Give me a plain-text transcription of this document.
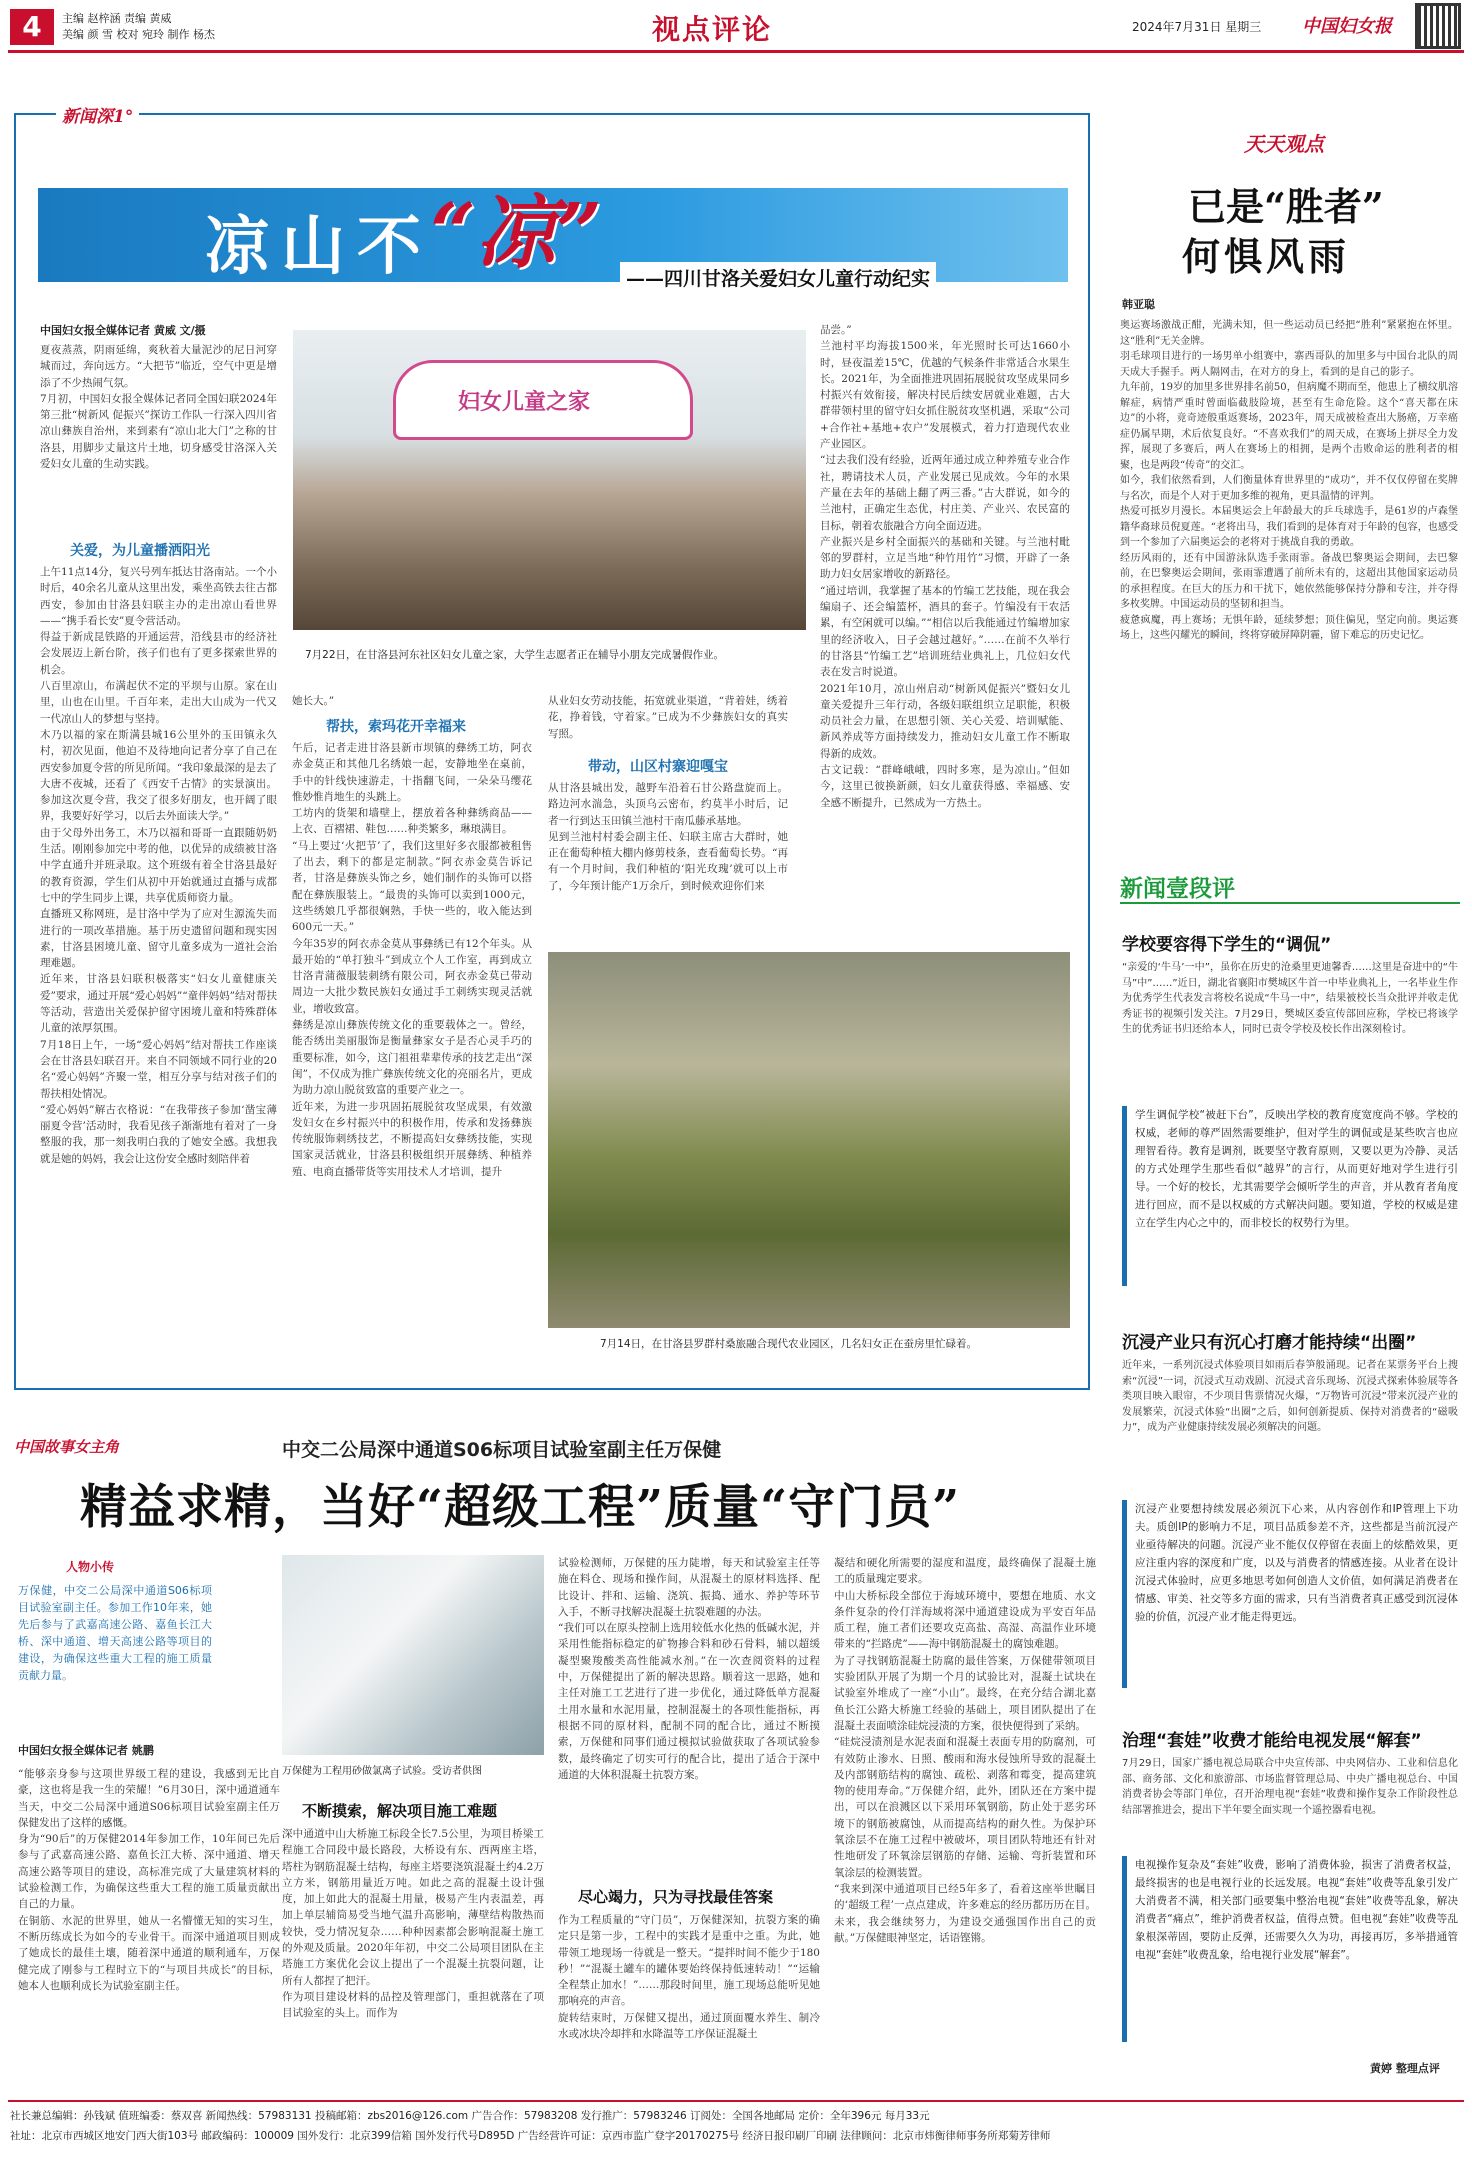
4	主编 赵梓涵 责编 黄威
美编 颜 雪 校对 宛玲 制作 杨杰	视点评论	2024年7月31日 星期三 中国妇女报
新闻深1°
凉山不
“凉”	——四川甘洛关爱妇女儿童行动纪实
中国妇女报全媒体记者 黄威 文/摄
夏夜蒸蒸，阴雨延绵，爽秋着大量泥沙的尼日河穿城而过，奔向远方。“大把节”临近，空气中更是增添了不少热闹气氛。
7月初，中国妇女报全媒体记者同全国妇联2024年第三批“树新风 促振兴”探访工作队一行深入四川省凉山彝族自治州，来到素有“凉山北大门”之称的甘洛县，用脚步丈量这片土地，切身感受甘洛深入关爱妇女儿童的生动实践。
关爱，为儿童播洒阳光
上午11点14分，复兴号列车抵达甘洛南站。一个小时后，40余名儿童从这里出发，乘坐高铁去往古都西安，参加由甘洛县妇联主办的走出凉山看世界——“携手看长安”夏令营活动。
得益于新成昆铁路的开通运营，沿线县市的经济社会发展迈上新台阶，孩子们也有了更多探索世界的机会。
八百里凉山，布满起伏不定的平坝与山原。家在山里，山也在山里。千百年来，走出大山成为一代又一代凉山人的梦想与坚持。
木乃以福的家在斯满县城16公里外的玉田镇永久村，初次见面，他迫不及待地向记者分享了自己在西安参加夏令营的所见所闻。“我印象最深的是去了大唐不夜城，还看了《西安千古情》的实景演出。参加这次夏令营，我交了很多好朋友，也开阔了眼界，我要好好学习，以后去外面读大学。”
由于父母外出务工，木乃以福和哥哥一直跟随奶奶生活。刚刚参加完中考的他，以优异的成绩被甘洛中学直通升并班录取。这个班级有着全甘洛县最好的教育资源，学生们从初中开始就通过直播与成都七中的学生同步上课，共享优质师资力量。
直播班又称网班，是甘洛中学为了应对生源流失而进行的一项改革措施。基于历史遗留问题和现实因素，甘洛县困境儿童、留守儿童多成为一道社会治理难题。
近年来，甘洛县妇联积极落实“妇女儿童健康关爱”要求，通过开展“爱心妈妈”“童伴妈妈”结对帮扶等活动，营造出关爱保护留守困境儿童和特殊群体儿童的浓厚氛围。
7月18日上午，一场“爱心妈妈”结对帮扶工作座谈会在甘洛县妇联召开。来自不同领域不同行业的20名“爱心妈妈”齐聚一堂，相互分享与结对孩子们的帮扶相处情况。
“爱心妈妈”解古衣格说：“在我带孩子参加‘凿宝薄丽夏令营’活动时，我看见孩子渐渐地有着对了一身整服的我，那一刻我明白我的了她安全感。我想我就是她的妈妈，我会让这份安全感时刻陪伴着
妇女儿童之家
7月22日，在甘洛县河东社区妇女儿童之家，大学生志愿者正在辅导小朋友完成暑假作业。
她长大。”
帮扶，索玛花开幸福来
午后，记者走进甘洛县新市坝镇的彝绣工坊，阿衣赤金莫正和其他几名绣娘一起，安静地坐在桌前，手中的针线快速游走，十指翻飞间，一朵朵马缨花惟妙惟肖地生的头跳上。
工坊内的货架和墙壁上，摆放着各种彝绣商品——上衣、百褶裙、鞋包……种类繁多，琳琅满目。
“马上要过‘火把节’了，我们这里好多衣服都被租售了出去，剩下的都是定制款。”阿衣赤金莫告诉记者，甘洛是彝族头饰之乡，她们制作的头饰可以搭配在彝族服装上。“最贵的头饰可以卖到1000元，这些绣娘几乎都很娴熟，手快一些的，收入能达到600元一天。”
今年35岁的阿衣赤金莫从事彝绣已有12个年头。从最开始的“单打独斗”到成立个人工作室，再到成立甘洛青蒲薇服装刺绣有限公司，阿衣赤金莫已带动周边一大批少数民族妇女通过手工刺绣实现灵活就业，增收致富。
彝绣是凉山彝族传统文化的重要载体之一。曾经，能否绣出美丽服饰是衡量彝家女子是否心灵手巧的重要标准，如今，这门祖祖辈辈传承的技艺走出“深闺”，不仅成为推广彝族传统文化的亮丽名片，更成为助力凉山脱贫致富的重要产业之一。
近年来，为进一步巩固拓展脱贫攻坚成果，有效激发妇女在乡村振兴中的积极作用，传承和发扬彝族传统服饰刺绣技艺，不断提高妇女彝绣技能，实现国家灵活就业，甘洛县积极组织开展彝绣、种植养殖、电商直播带货等实用技术人才培训，提升
从业妇女劳动技能，拓宽就业渠道，“背着娃，绣着花，挣着钱，守着家。”已成为不少彝族妇女的真实写照。
带动，山区村寨迎嘎宝
从甘洛县城出发，越野车沿着石甘公路盘旋而上。路边河水湍急，头顶乌云密布，约莫半小时后，记者一行到达玉田镇兰池村干南瓜藤承基地。
见到兰池村村委会副主任、妇联主席古大群时，她正在葡萄种植大棚内修剪枝条，查看葡萄长势。“再有一个月时间，我们种植的‘阳光玫瑰’就可以上市了，今年预计能产1万余斤，到时候欢迎你们来
品尝。”
兰池村平均海拔1500米，年光照时长可达1660小时，昼夜温差15℃，优越的气候条件非常适合水果生长。2021年，为全面推进巩固拓展脱贫攻坚成果同乡村振兴有效衔接，解决村民后续安居就业难题，古大群带领村里的留守妇女抓住脱贫攻坚机遇，采取“公司+合作社+基地+农户”发展模式，着力打造现代农业产业园区。
“过去我们没有经验，近两年通过成立种养殖专业合作社，聘请技术人员，产业发展已见成效。今年的水果产量在去年的基础上翻了两三番。”古大群说，如今的兰池村，正确定生态优，村庄美、产业兴、农民富的目标，朝着农旅融合方向全面迈进。
产业振兴是乡村全面振兴的基础和关键。与兰池村毗邻的罗群村，立足当地“种竹用竹”习惯，开辟了一条助力妇女居家增收的新路径。
“通过培训，我掌握了基本的竹编工艺技能，现在我会编扇子、还会编篮杯，酒具的套子。竹编没有干农活累，有空闲就可以编。”“相信以后我能通过竹编增加家里的经济收入，日子会越过越好。”……在前不久举行的甘洛县“竹编工艺”培训班结业典礼上，几位妇女代表在发言时说道。
2021年10月，凉山州启动“树新风促振兴”暨妇女儿童关爱提升三年行动，各级妇联组织立足职能，积极动员社会力量，在思想引领、关心关爱、培训赋能、新风养成等方面持续发力，推动妇女儿童工作不断取得新的成效。
古文记载：“群峰峨峨，四时多寒，是为凉山。”但如今，这里已彼换新颜，妇女儿童获得感、幸福感、安全感不断提升，已然成为一方热土。
7月14日，在甘洛县罗群村桑旅融合现代农业园区，几名妇女正在蚕房里忙碌着。
天天观点
已是“胜者”
何惧风雨
韩亚聪
奥运赛场激战正酣，光满未知，但一些运动员已经把“胜利”紧紧抱在怀里。这“胜利”无关金牌。
羽毛球项目进行的一场男单小组赛中，寨西哥队的加里多与中国台北队的周天成大手握手。两人隔网击，在对方的身上，看到的是自己的影子。
九年前，19岁的加里多世界排名前50，但病魔不期而至，他患上了横纹肌溶解症，病情严重时曾面临截肢险境，甚至有生命危险。这个“喜天都在床边”的小将，竟奇迹般重返赛场，2023年，周天成被检查出大肠癌，万幸癌症仍属早期，术后依复良好。“不喜欢我们”的周天成，在赛场上拼尽全力发挥，展现了多赛后，两人在赛场上的相拥，是两个击败命运的胜利者的相聚，也是两段“传奇”的交汇。
如今，我们依然看到，人们衡量体育世界里的“成功”，并不仅仅停留在奖牌与名次，而是个人对于更加多维的视角，更具温情的评判。
热爱可抵岁月漫长。本届奥运会上年龄最大的乒乓球选手，是61岁的卢森堡籍华裔球员倪夏莲。“老将出马，我们看到的是体育对于年龄的包容，也感受到一个参加了六届奥运会的老将对于挑战自我的勇敢。
经历风雨的，还有中国游泳队选手张雨霏。备战巴黎奥运会期间，去巴黎前，在巴黎奥运会期间，张雨霏遭遇了前所未有的，这超出其他国家运动员的承担程度。在巨大的压力和干扰下，她依然能够保持分静和专注，并夺得多枚奖牌。中国运动员的坚韧和担当。
疲惫疯魔，再上赛场；无惧年龄，延续梦想；顶住偏见，坚定向前。奥运赛场上，这些闪耀光的瞬间，终将穿破屏障阴霾，留下难忘的历史记忆。
新闻壹段评
学校要容得下学生的“调侃”
“亲爱的‘牛马’一中”，虽你在历史的沧桑里更迪馨香……这里是奋进中的“牛马”中”……”近日，湖北省襄阳市樊城区牛首一中毕业典礼上，一名毕业生作为优秀学生代表发言将校名说成“牛马一中”，结果被校长当众批评并收走优秀证书的视频引发关注。7月29日，樊城区委宣传部回应称，学校已将该学生的优秀证书归还给本人，同时已责令学校及校长作出深刻检讨。
学生调侃学校“被赶下台”，反映出学校的教育度宽度尚不够。学校的权威，老师的尊严固然需要维护，但对学生的调侃或是某些吹言也应理智看待。教育是调剂，既要坚守教育原则，又要以更为冷静、灵活的方式处理学生那些看似“越界”的言行，从而更好地对学生进行引导。一个好的校长，尤其需要学会倾听学生的声音，并从教育者角度进行回应，而不是以权威的方式解决问题。要知道，学校的权威是建立在学生内心之中的，而非校长的权势行为里。
沉浸产业只有沉心打磨才能持续“出圈”
近年来，一系列沉浸式体验项目如雨后春笋般涌现。记者在某票务平台上搜索“沉浸”一词，沉浸式互动戏剧、沉浸式音乐现场、沉浸式探索体验展等各类项目映入眼帘，不少项目售票情况火爆，“万物皆可沉浸”带来沉浸产业的发展繁荣，沉浸式体验“出圈”之后，如何创新提质、保持对消费者的“磁吸力”，成为产业健康持续发展必须解决的问题。
沉浸产业要想持续发展必须沉下心来，从内容创作和IP管理上下功夫。质创IP的影响力不足，项目品质参差不齐，这些都是当前沉浸产业亟待解决的问题。沉浸产业不能仅仅停留在表面上的炫酷效果，更应注重内容的深度和广度，以及与消费者的情感连接。从业者在设计沉浸式体验时，应更多地思考如何创造人文价值，如何满足消费者在情感、审美、社交等多方面的需求，只有当消费者真正感受到沉浸体验的价值，沉浸产业才能走得更远。
治理“套娃”收费才能给电视发展“解套”
7月29日，国家广播电视总局联合中央宣传部、中央网信办、工业和信息化部、商务部、文化和旅游部、市场监督管理总局、中央广播电视总台、中国消费者协会等部门单位，召开治理电视“套娃”收费和操作复杂工作阶段性总结部署推进会，提出下半年要全面实现一个遥控器看电视。
电视操作复杂及“套娃”收费，影响了消费体验，损害了消费者权益，最终损害的也是电视行业的长远发展。电视“套娃”收费等乱象引发广大消费者不满，相关部门亟要集中整治电视“套娃”收费等乱象，解决消费者“痛点”，维护消费者权益，值得点赞。但电视“套娃”收费等乱象根深蒂固，要防止反弹，还需要久久为功，再接再厉，多举措通管电视“套娃”收费乱象，给电视行业发展“解套”。
黄婷 整理点评
中国故事女主角	中交二公局深中通道S06标项目试验室副主任万保健
精益求精，当好“超级工程”质量“守门员”
人物小传
万保健，中交二公局深中通道S06标项目试验室副主任。参加工作10年来，她先后参与了武嘉高速公路、嘉鱼长江大桥、深中通道、增天高速公路等项目的建设，为确保这些重大工程的施工质量贡献力量。
中国妇女报全媒体记者 姚鹏
“能够亲身参与这项世界级工程的建设，我感到无比自豪，这也将是我一生的荣耀！”6月30日，深中通道通车当天，中交二公局深中通道S06标项目试验室副主任万保健发出了这样的感慨。
身为“90后”的万保健2014年参加工作，10年间已先后参与了武嘉高速公路、嘉鱼长江大桥、深中通道、增天高速公路等项目的建设，高标准完成了大量建筑材料的试验检测工作，为确保这些重大工程的施工质量贡献出自己的力量。
在铜筋、水泥的世界里，她从一名懵懂无知的实习生，不断历练成长为如今的专业骨干。而深中通道项目则成了她成长的最佳土壤，随着深中通道的顺利通车，万保健完成了刚参与工程时立下的“与项目共成长”的目标，她本人也顺利成长为试验室副主任。
万保健为工程用砂做氯离子试验。受访者供图
不断摸索，解决项目施工难题
深中通道中山大桥施工标段全长7.5公里，为项目桥梁工程施工合同段中最长路段，大桥设有东、西两座主塔，塔柱为钢筋混凝土结构，每座主塔要浇筑混凝土约4.2万立方米，钢筋用量近万吨。如此之高的混凝土设计强度，加上如此大的混凝土用量，极易产生内表温差，再加上单层辅筒易受当地气温升高影响，薄壁结构散热而较快，受力情况复杂……种种因素都会影响混凝土施工的外观及质量。2020年年初，中交二公局项目团队在主塔施工方案优化会议上提出了一个混凝土抗裂问题，让所有人都捏了把汗。
作为项目建设材料的品控及管理部门，重担就落在了项目试验室的头上。而作为
试验检测师，万保健的压力陡增，每天和试验室主任等施在料仓、现场和操作间，从混凝土的原材料选择、配比设计、拌和、运输、浇筑、振捣、通水、养护等环节入手，不断寻找解决混凝土抗裂难题的办法。
“我们可以在原头控制上选用较低水化热的低碱水泥，并采用性能指标稳定的矿物掺合料和砂石骨料，辅以超缓凝型聚羧酸类高性能减水剂。”在一次查阅资料的过程中，万保健提出了新的解决思路。顺着这一思路，她和主任对施工工艺进行了进一步优化，通过降低单方混凝土用水量和水泥用量，控制混凝土的各项性能指标，再根据不同的原材料，配制不同的配合比，通过不断摸索，万保健和同事们通过模拟试验做获取了各项试验参数，最终确定了切实可行的配合比，提出了适合于深中通道的大体积混凝土抗裂方案。
尽心竭力，只为寻找最佳答案
作为工程质量的“守门员”，万保健深知，抗裂方案的确定只是第一步，工程中的实践才是重中之重。为此，她带领工地现场一待就是一整天。“提拌时间不能少于180秒！”“混凝土罐车的罐体要始终保持低速转动！”“运输全程禁止加水！”……那段时间里，施工现场总能听见她那响亮的声音。
旋转结束时，万保健又提出，通过顶面覆水养生、制冷水或冰块冷却拌和水降温等工序保证混凝土
凝结和硬化所需要的湿度和温度，最终确保了混凝土施工的质量瑰定要求。
中山大桥标段全部位于海域环境中，要想在地质、水文条件复杂的伶仃洋海域将深中通道建设成为平安百年品质工程，施工者们还要攻克高盐、高湿、高温作业环境带来的“拦路虎”——海中钢筋混凝土的腐蚀难题。
为了寻找钢筋混凝土防腐的最佳答案，万保健带领项目实验团队开展了为期一个月的试验比对，混凝土试块在试验室外堆成了一座“小山”。最终，在充分结合湖北嘉鱼长江公路大桥施工经验的基础上，项目团队提出了在混凝土表面喷涂硅烷浸渍的方案，很快便得到了采纳。
“硅烷浸渍剂是水泥表面和混凝土表面专用的防腐剂，可有效防止渗水、日照、酸雨和海水侵蚀所导致的混凝土及内部钢筋结构的腐蚀、疏松、剥落和霉变，提高建筑物的使用寿命。”万保健介绍，此外，团队还在方案中提出，可以在浪溅区以下采用环氧钢筋，防止处于恶劣环境下的钢筋被腐蚀，从而提高结构的耐久性。为保护环氧涂层不在施工过程中被破坏，项目团队特地还有针对性地研发了环氧涂层钢筋的存储、运输、弯折装置和环氧涂层的检测装置。
“我来到深中通道项目已经5年多了，看着这座举世瞩目的‘超级工程’一点点建成，许多难忘的经历都历历在目。未来，我会继续努力，为建设交通强国作出自己的贡献。”万保健眼神坚定，话语铿锵。
社长兼总编辑：孙钱斌 值班编委：蔡双喜 新闻热线：57983131 投稿邮箱：zbs2016@126.com 广告合作：57983208 发行推广：57983246 订阅处：全国各地邮局 定价：全年396元 每月33元
社址：北京市西城区地安门西大街103号 邮政编码：100009 国外发行：北京399信箱 国外发行代号D895D 广告经营许可证：京西市监广登字20170275号 经济日报印刷厂印刷 法律顾问：北京市炜衡律师事务所郑菊芳律师
